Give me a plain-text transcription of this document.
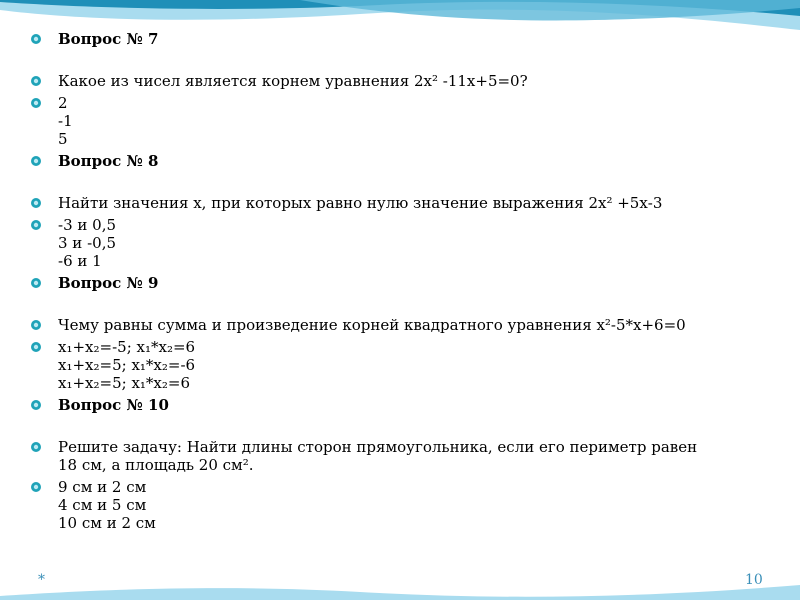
Вопрос № 7

Какое из чисел является корнем уравнения 2х² -11х+5=0?

2
-1
5

Вопрос № 8

Найти значения х, при которых равно нулю значение выражения 2х² +5х-3

-3 и 0,5
3 и -0,5
-6 и 1

Вопрос № 9

Чему равны сумма и произведение корней квадратного уравнения х²-5*х+6=0

х₁+х₂=-5; х₁*х₂=6
х₁+х₂=5; х₁*х₂=-6
х₁+х₂=5; х₁*х₂=6

Вопрос № 10

Решите задачу: Найти длины сторон прямоугольника, если его периметр равен 18 см, а площадь 20 см².

9 см и 2 см
4 см и 5 см
10 см и 2 см

*	10
